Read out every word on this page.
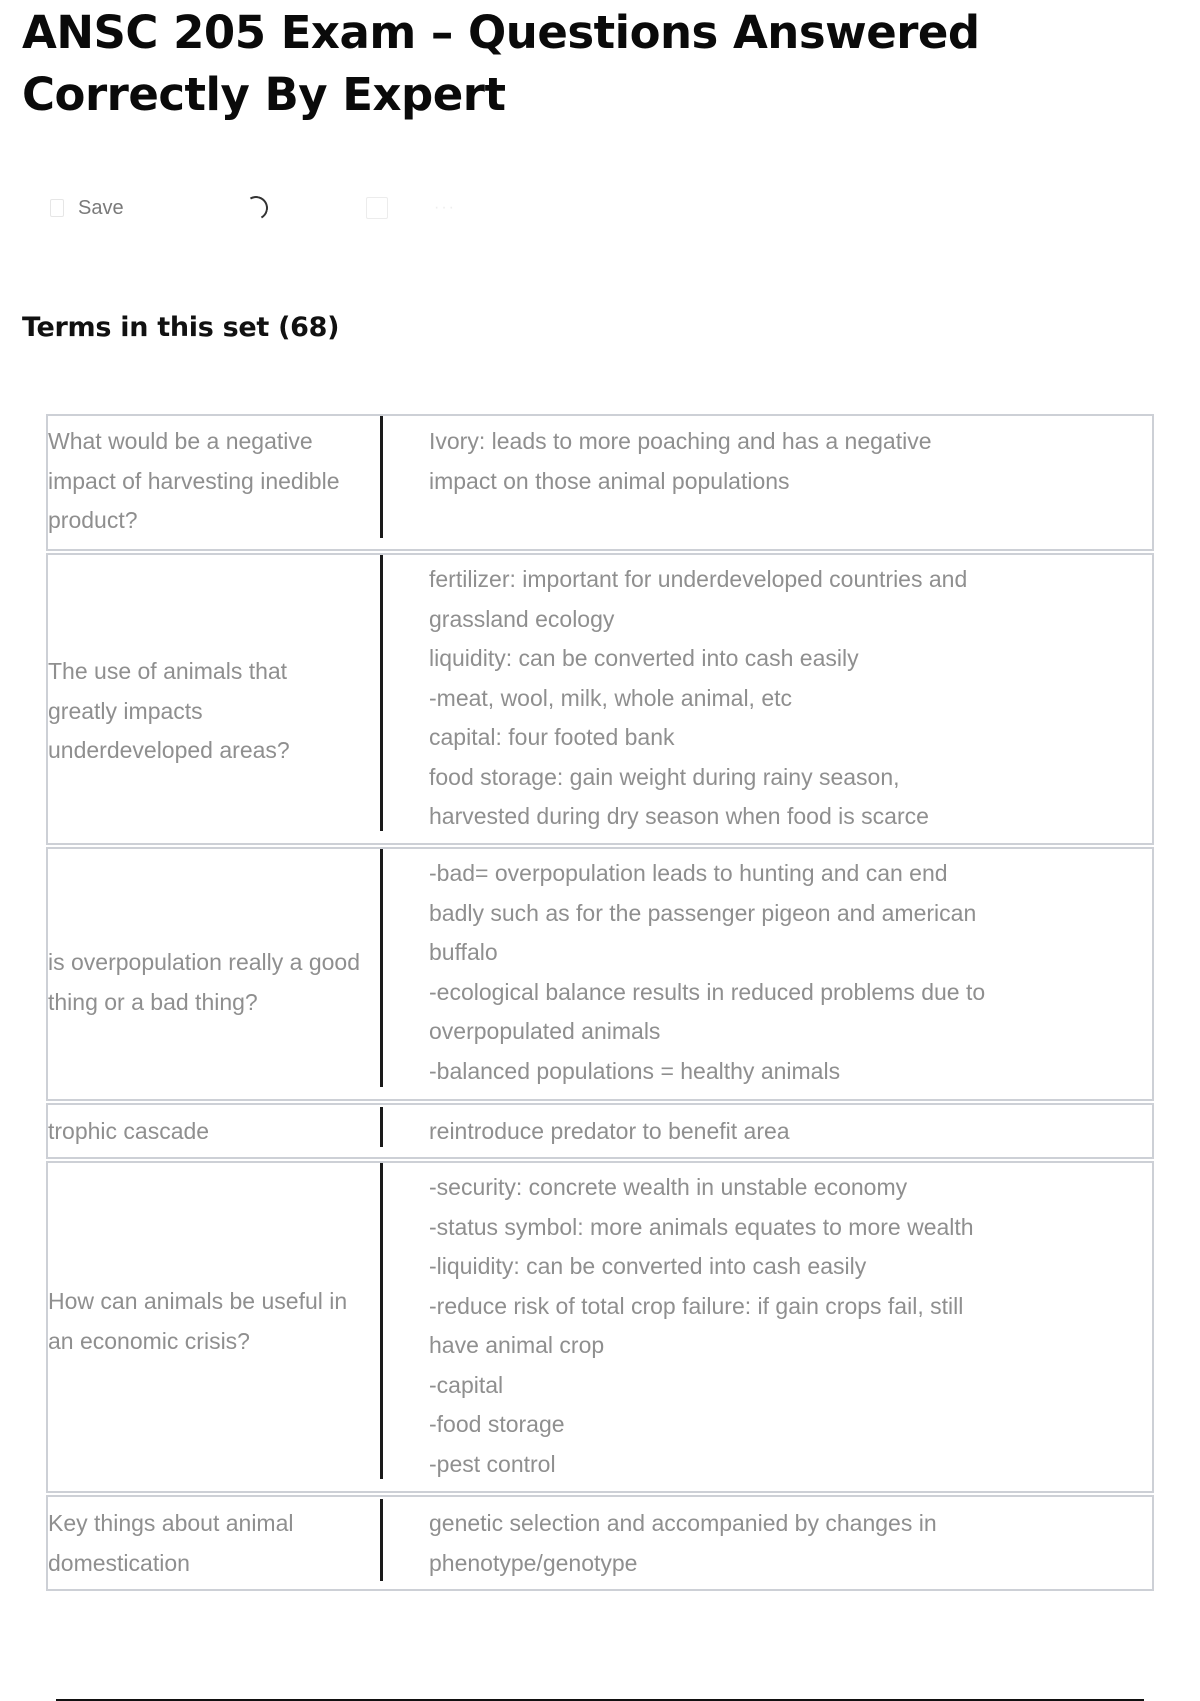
ANSC 205 Exam – Questions Answered Correctly By Expert
Save	···
Terms in this set (68)
What would be a negative impact of harvesting inedible product?
Ivory: leads to more poaching and has a negative
impact on those animal populations
The use of animals that greatly impacts underdeveloped areas?
fertilizer: important for underdeveloped countries and
grassland ecology
liquidity: can be converted into cash easily
-meat, wool, milk, whole animal, etc
capital: four footed bank
food storage: gain weight during rainy season,
harvested during dry season when food is scarce
is overpopulation really a good thing or a bad thing?
-bad= overpopulation leads to hunting and can end
badly such as for the passenger pigeon and american
buffalo
-ecological balance results in reduced problems due to
overpopulated animals
-balanced populations = healthy animals
trophic cascade	reintroduce predator to benefit area
How can animals be useful in an economic crisis?
-security: concrete wealth in unstable economy
-status symbol: more animals equates to more wealth
-liquidity: can be converted into cash easily
-reduce risk of total crop failure: if gain crops fail, still
have animal crop
-capital
-food storage
-pest control
Key things about animal domestication
genetic selection and accompanied by changes in
phenotype/genotype
